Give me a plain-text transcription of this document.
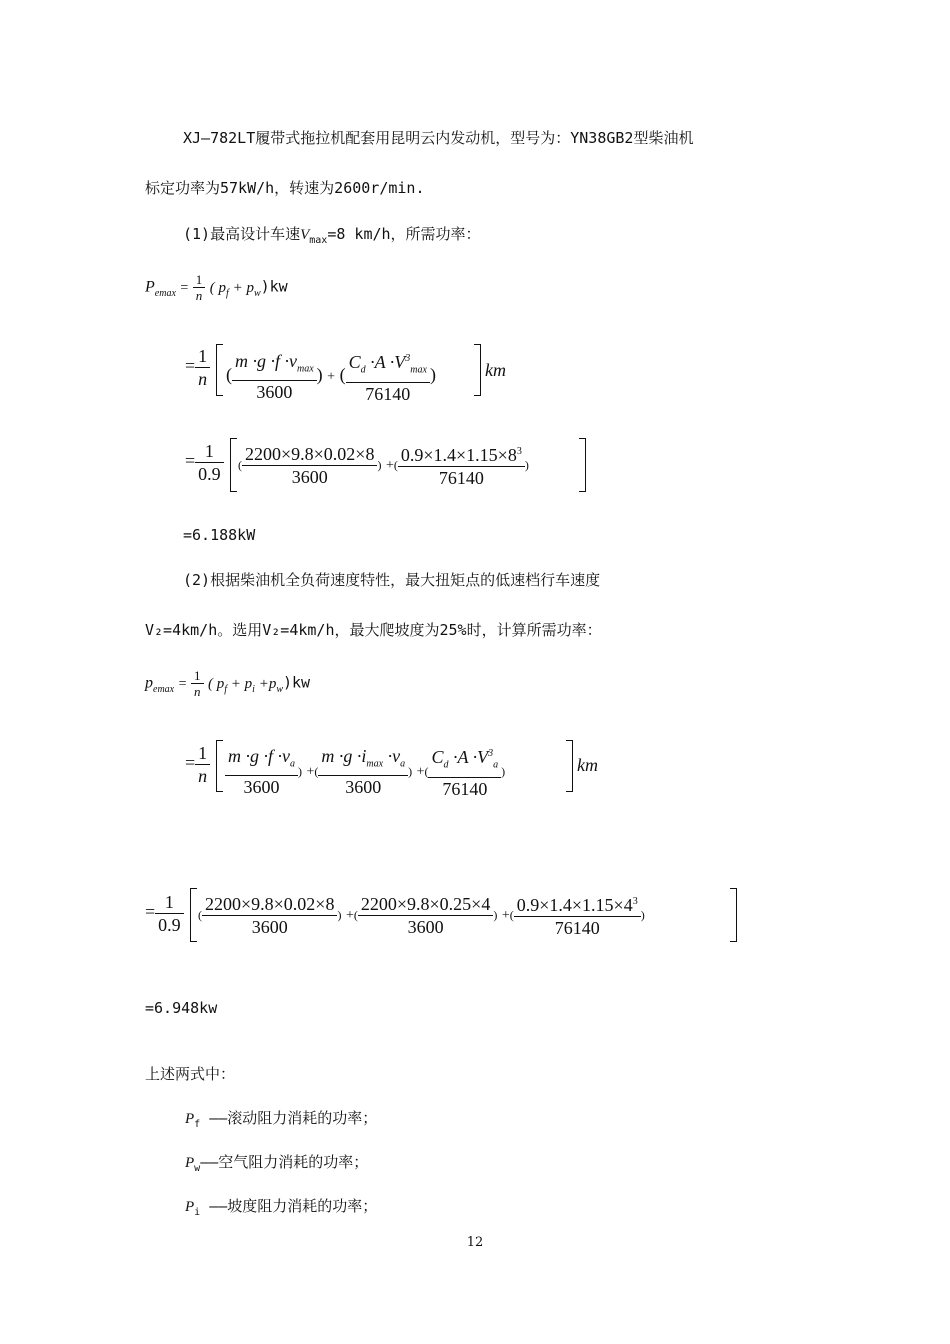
XJ—782LT履带式拖拉机配套用昆明云内发动机，型号为：YN38GB2型柴油机
标定功率为57kW/h，转速为2600r/min.
(1)最高设计车速$V_{max}=8$ km/h，所需功率：
$P_{emax} = \frac{1}{n}$ ( $p_f + p_w)kw$
= $\frac{1}{n}$ ( $\frac{m \cdot g \cdot f \cdot v_{max}}{3600}$ ) + ( $\frac{C_d \cdot A \cdot V^3_{max}}{76140}$ )	km
= $\frac{1}{0.9}$ ( $\frac{2200\times 9.8\times 0.02\times 8}{3600}$ ) +( $\frac{0.9\times 1.4\times 1.15\times 8^3}{76140}$ )
=6.188kW
(2)根据柴油机全负荷速度特性，最大扭矩点的低速档行车速度
V₂=4km/h。选用V₂=4km/h，最大爬坡度为25%时，计算所需功率：
$p_{emax} = \frac{1}{n}$ ( $p_f + p_i +p_w)kw$
= $\frac{1}{n} \frac{m \cdot g \cdot f \cdot v_a}{3600}$ ) +( $\frac{m \cdot g \cdot i_{max} \cdot v_a}{3600}$ ) +( $\frac{C_d \cdot A \cdot V^3_a}{76140}$ )	km
= $\frac{1}{0.9}$ ( $\frac{2200\times 9.8\times 0.02\times 8}{3600}$ ) +( $\frac{2200\times 9.8\times 0.25\times 4}{3600}$ ) +( $\frac{0.9\times 1.4\times 1.15\times 4^3}{76140}$ )
=6.948kw
上述两式中：
$P_f$ ——滚动阻力消耗的功率；
$P_w——$空气阻力消耗的功率；
$P_i$ ——坡度阻力消耗的功率；
12
